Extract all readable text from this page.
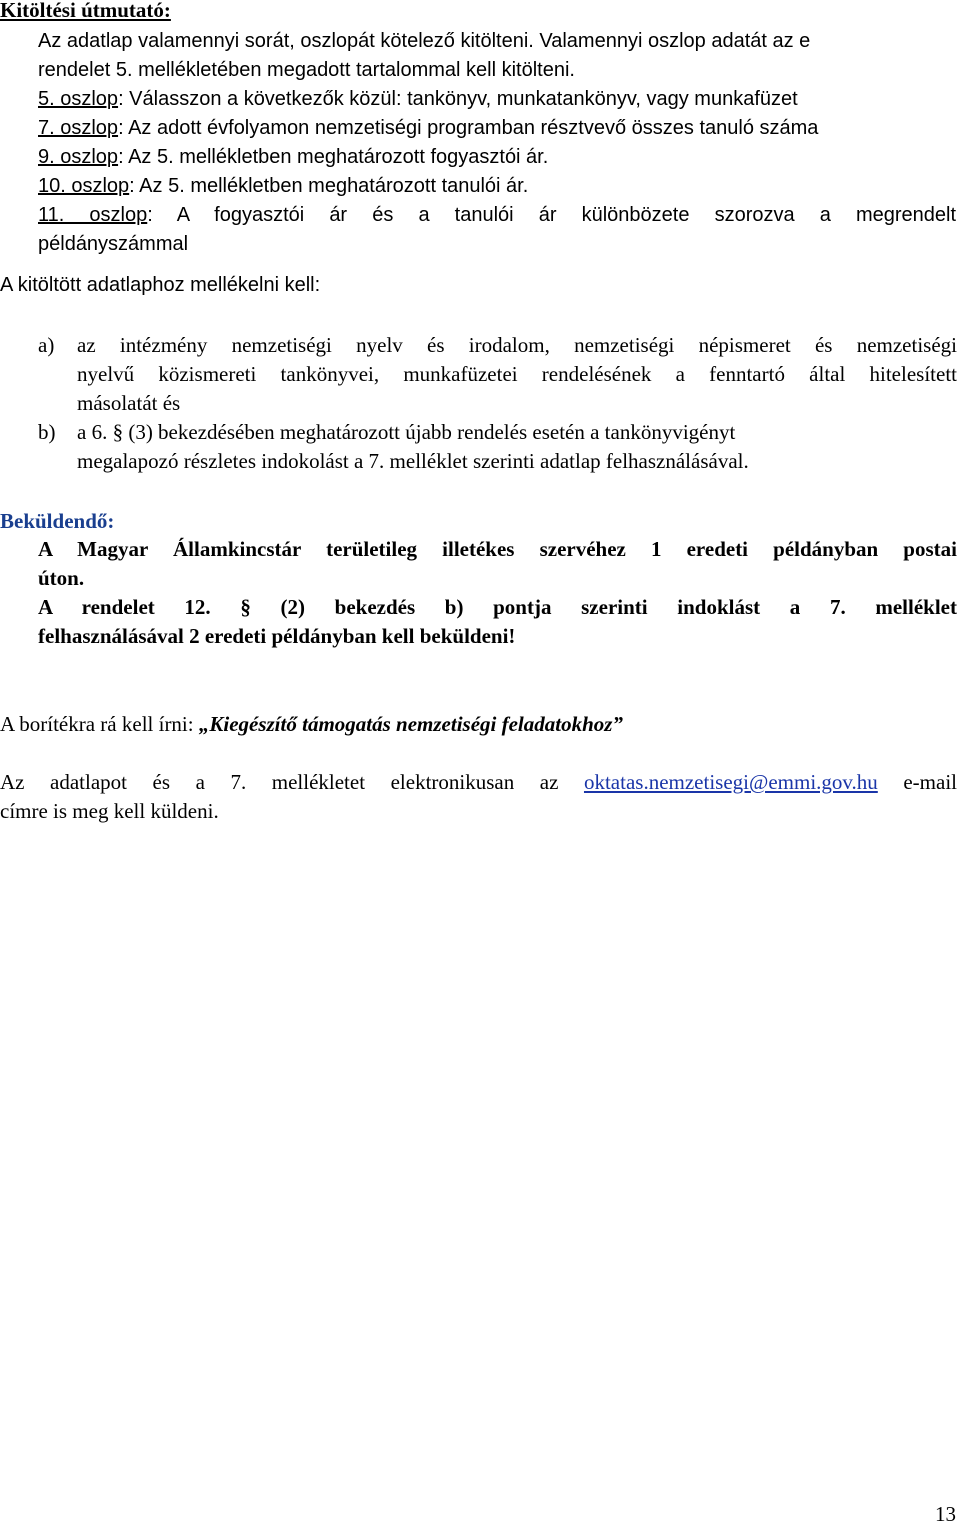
Kitöltési útmutató:
Az adatlap valamennyi sorát, oszlopát kötelező kitölteni. Valamennyi oszlop adatát az e
rendelet 5. mellékletében megadott tartalommal kell kitölteni.
5. oszlop: Válasszon a következők közül: tankönyv, munkatankönyv, vagy munkafüzet
7. oszlop: Az adott évfolyamon nemzetiségi programban résztvevő összes tanuló száma
9. oszlop: Az 5. mellékletben meghatározott fogyasztói ár.
10. oszlop: Az 5. mellékletben meghatározott tanulói ár.
11. oszlop: A fogyasztói ár és a tanulói ár különbözete szorozva a megrendelt
példányszámmal
A kitöltött adatlaphoz mellékelni kell:
a) az intézmény nemzetiségi nyelv és irodalom, nemzetiségi népismeret és nemzetiségi
nyelvű közismereti tankönyvei, munkafüzetei rendelésének a fenntartó által hitelesített
másolatát és
b) a 6. § (3) bekezdésében meghatározott újabb rendelés esetén a tankönyvigényt
megalapozó részletes indokolást a 7. melléklet szerinti adatlap felhasználásával.
Beküldendő:
A Magyar Államkincstár területileg illetékes szervéhez 1 eredeti példányban postai
úton.
A rendelet 12. § (2) bekezdés b) pontja szerinti indoklást a 7. melléklet
felhasználásával 2 eredeti példányban kell beküldeni!
A borítékra rá kell írni: „Kiegészítő támogatás nemzetiségi feladatokhoz”
Az adatlapot és a 7. mellékletet elektronikusan az oktatas.nemzetisegi@emmi.gov.hu e-mail
címre is meg kell küldeni.
13
